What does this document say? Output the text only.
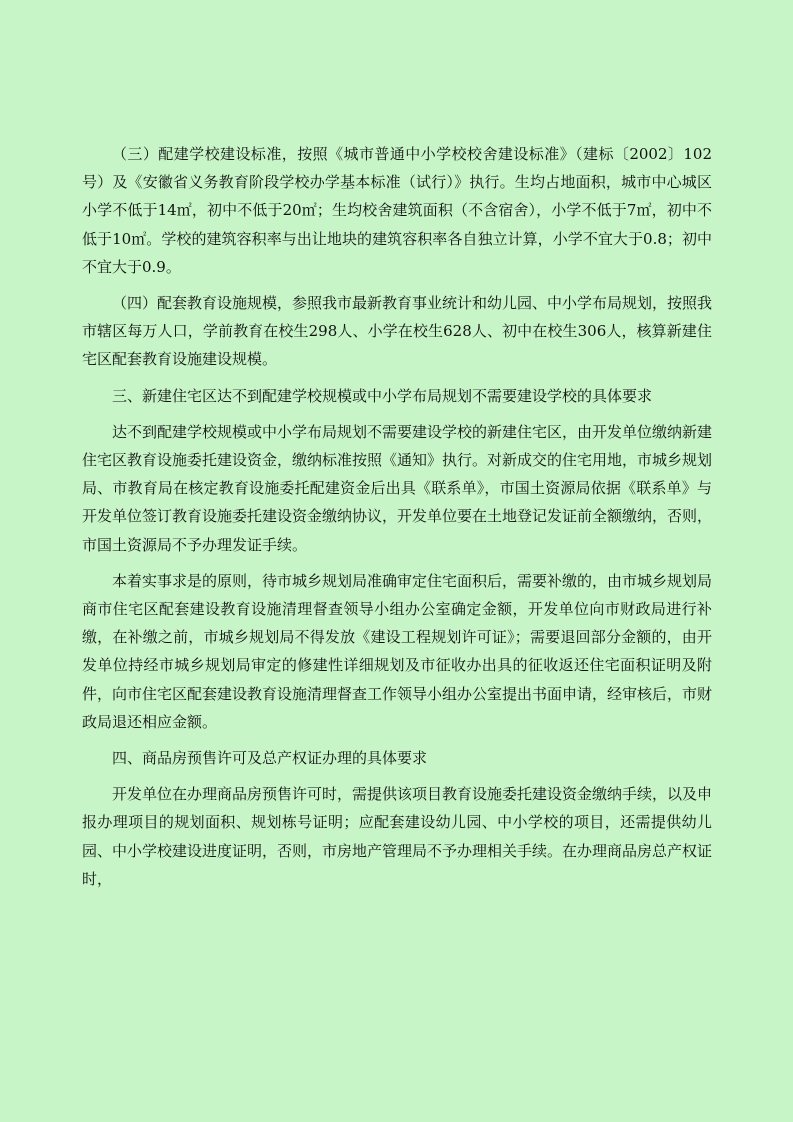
（三）配建学校建设标准，按照《城市普通中小学校校舍建设标准》（建标〔2002〕102号）及《安徽省义务教育阶段学校办学基本标准（试行）》执行。生均占地面积，城市中心城区小学不低于14㎡，初中不低于20㎡；生均校舍建筑面积（不含宿舍），小学不低于7㎡，初中不低于10㎡。学校的建筑容积率与出让地块的建筑容积率各自独立计算，小学不宜大于0.8；初中不宜大于0.9。

（四）配套教育设施规模，参照我市最新教育事业统计和幼儿园、中小学布局规划，按照我市辖区每万人口，学前教育在校生298人、小学在校生628人、初中在校生306人，核算新建住宅区配套教育设施建设规模。

三、新建住宅区达不到配建学校规模或中小学布局规划不需要建设学校的具体要求

达不到配建学校规模或中小学布局规划不需要建设学校的新建住宅区，由开发单位缴纳新建住宅区教育设施委托建设资金，缴纳标准按照《通知》执行。对新成交的住宅用地，市城乡规划局、市教育局在核定教育设施委托配建资金后出具《联系单》，市国土资源局依据《联系单》与开发单位签订教育设施委托建设资金缴纳协议，开发单位要在土地登记发证前全额缴纳，否则，市国土资源局不予办理发证手续。

本着实事求是的原则，待市城乡规划局准确审定住宅面积后，需要补缴的，由市城乡规划局商市住宅区配套建设教育设施清理督查领导小组办公室确定金额，开发单位向市财政局进行补缴，在补缴之前，市城乡规划局不得发放《建设工程规划许可证》；需要退回部分金额的，由开发单位持经市城乡规划局审定的修建性详细规划及市征收办出具的征收返还住宅面积证明及附件，向市住宅区配套建设教育设施清理督查工作领导小组办公室提出书面申请，经审核后，市财政局退还相应金额。

四、商品房预售许可及总产权证办理的具体要求

开发单位在办理商品房预售许可时，需提供该项目教育设施委托建设资金缴纳手续，以及申报办理项目的规划面积、规划栋号证明；应配套建设幼儿园、中小学校的项目，还需提供幼儿园、中小学校建设进度证明，否则，市房地产管理局不予办理相关手续。在办理商品房总产权证时，
